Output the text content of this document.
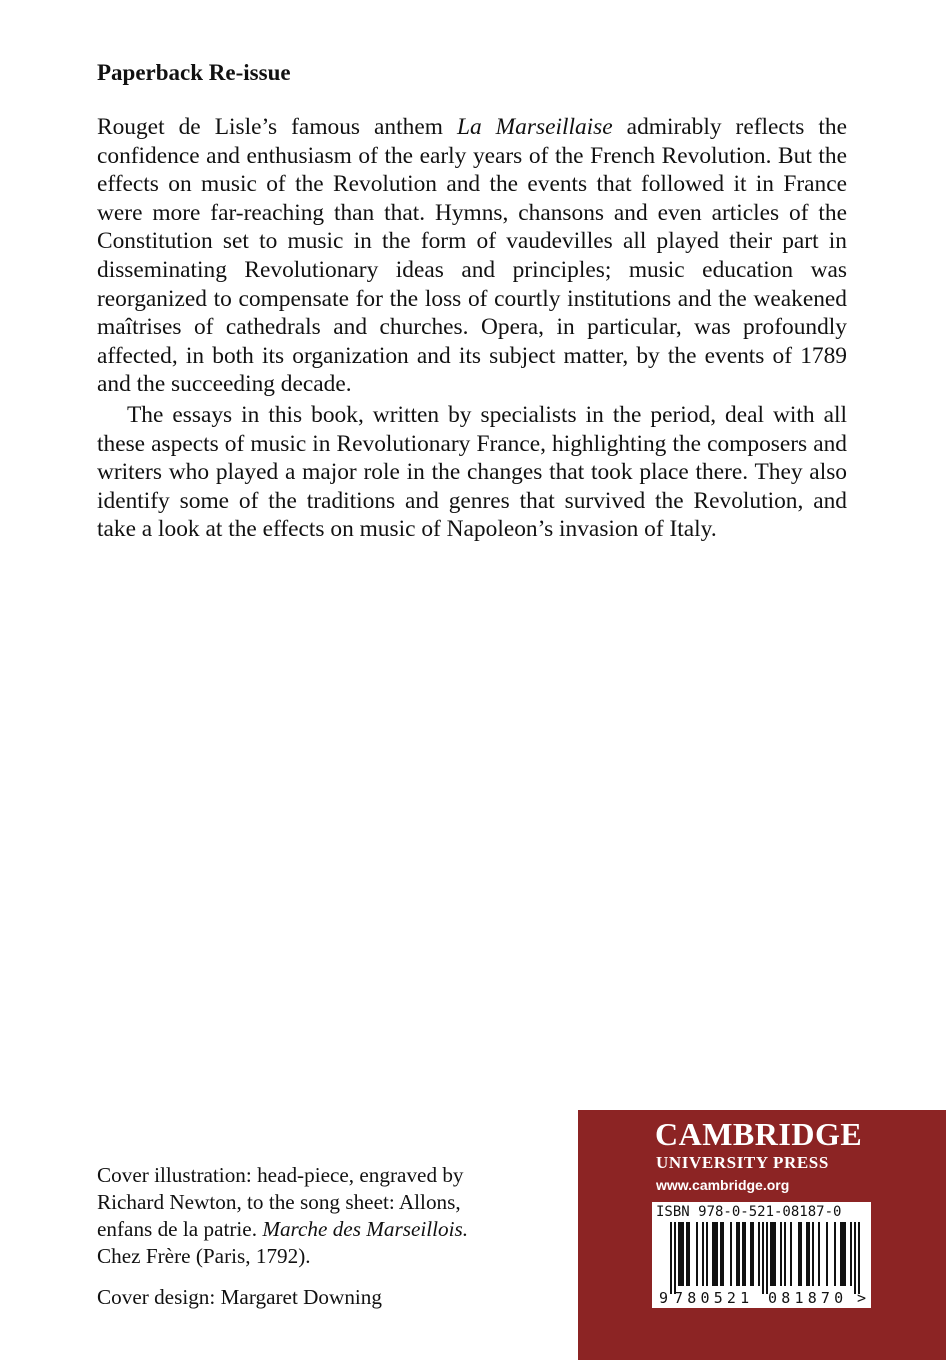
Paperback Re-issue

Rouget de Lisle’s famous anthem La Marseillaise admirably reflects the confidence and enthusiasm of the early years of the French Revolution. But the effects on music of the Revolution and the events that followed it in France were more far-reaching than that. Hymns, chansons and even articles of the Constitution set to music in the form of vaudevilles all played their part in disseminating Revolutionary ideas and principles; music education was reorganized to compensate for the loss of courtly institutions and the weakened maîtrises of cathedrals and churches. Opera, in particular, was profoundly affected, in both its organization and its subject matter, by the events of 1789 and the succeeding decade.

The essays in this book, written by specialists in the period, deal with all these aspects of music in Revolutionary France, highlighting the composers and writers who played a major role in the changes that took place there. They also identify some of the traditions and genres that survived the Revolution, and take a look at the effects on music of Napoleon’s invasion of Italy.

Cover illustration: head-piece, engraved by Richard Newton, to the song sheet: Allons, enfans de la patrie. Marche des Marseillois. Chez Frère (Paris, 1792).

Cover design: Margaret Downing

CAMBRIDGE
UNIVERSITY PRESS
www.cambridge.org
ISBN 978-0-521-08187-0
9 780521 081870 >
